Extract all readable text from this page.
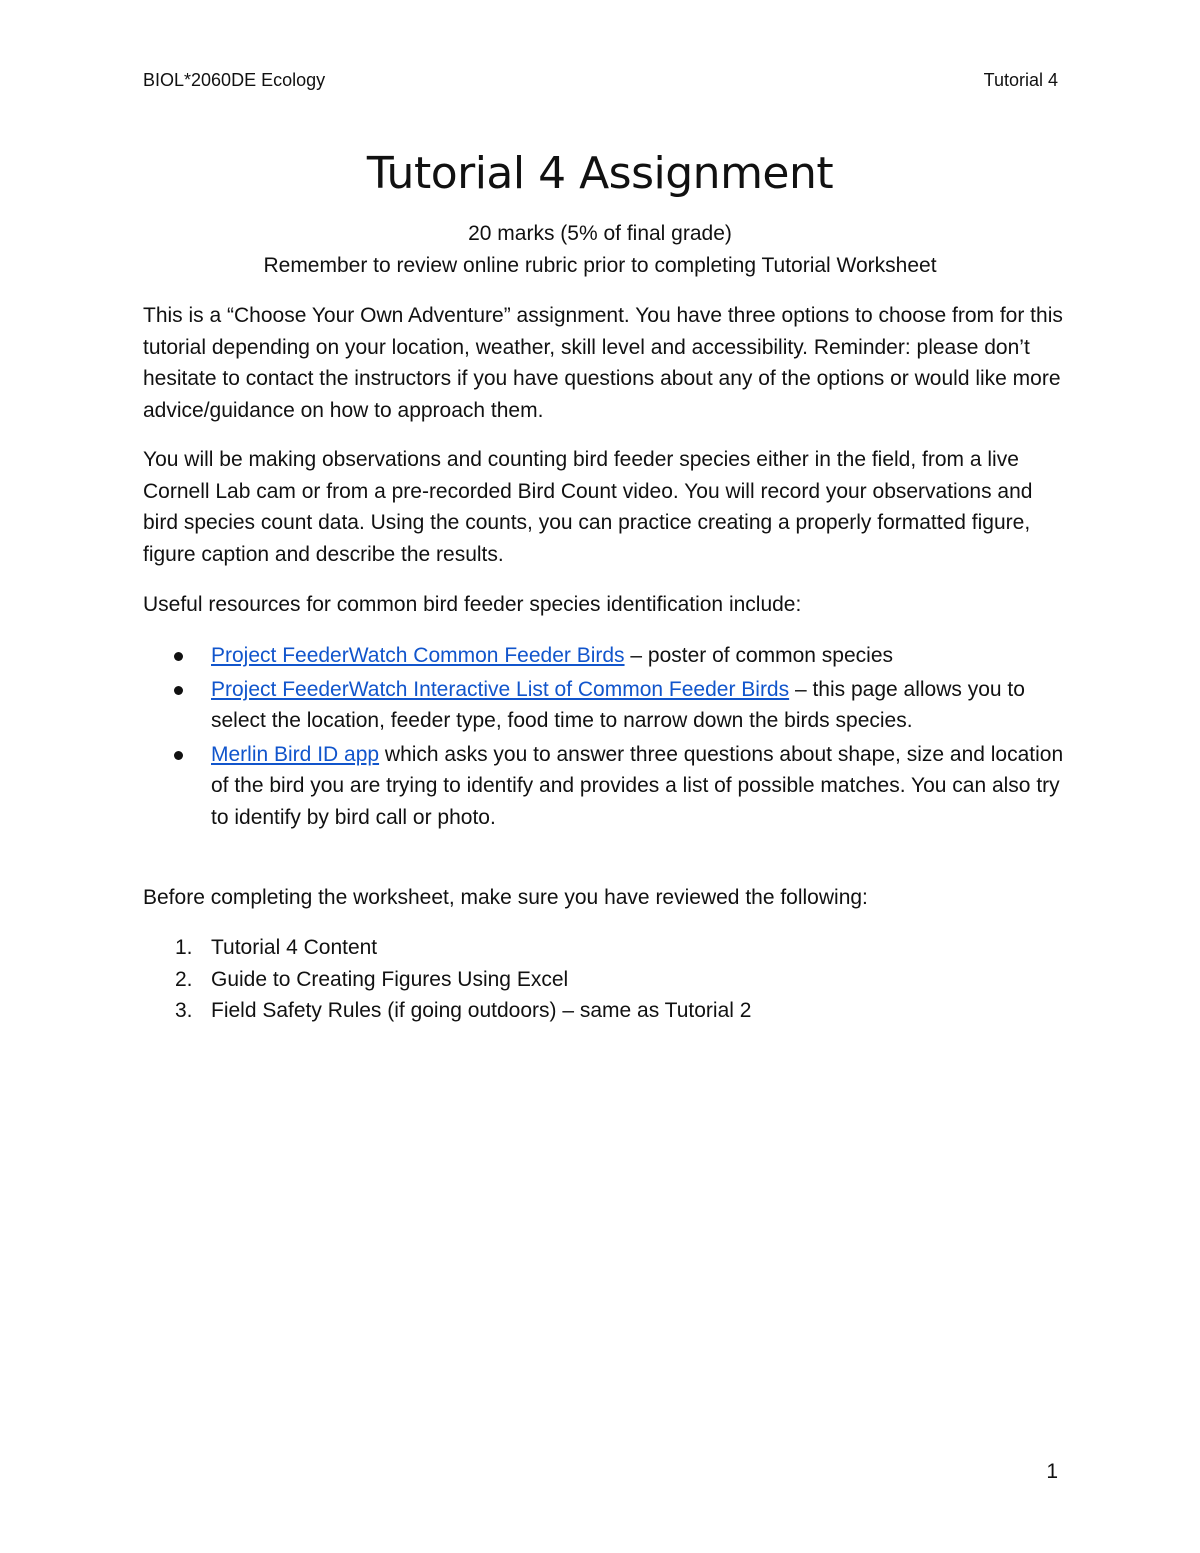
BIOL*2060DE Ecology	Tutorial 4
Tutorial 4 Assignment
20 marks (5% of final grade)
Remember to review online rubric prior to completing Tutorial Worksheet
This is a “Choose Your Own Adventure” assignment. You have three options to choose from for this tutorial depending on your location, weather, skill level and accessibility. Reminder: please don’t hesitate to contact the instructors if you have questions about any of the options or would like more advice/guidance on how to approach them.
You will be making observations and counting bird feeder species either in the field, from a live Cornell Lab cam or from a pre-recorded Bird Count video. You will record your observations and bird species count data. Using the counts, you can practice creating a properly formatted figure, figure caption and describe the results.
Useful resources for common bird feeder species identification include:
Project FeederWatch Common Feeder Birds – poster of common species
Project FeederWatch Interactive List of Common Feeder Birds – this page allows you to select the location, feeder type, food time to narrow down the birds species.
Merlin Bird ID app which asks you to answer three questions about shape, size and location of the bird you are trying to identify and provides a list of possible matches. You can also try to identify by bird call or photo.
Before completing the worksheet, make sure you have reviewed the following:
1. Tutorial 4 Content
2. Guide to Creating Figures Using Excel
3. Field Safety Rules (if going outdoors) – same as Tutorial 2
1
